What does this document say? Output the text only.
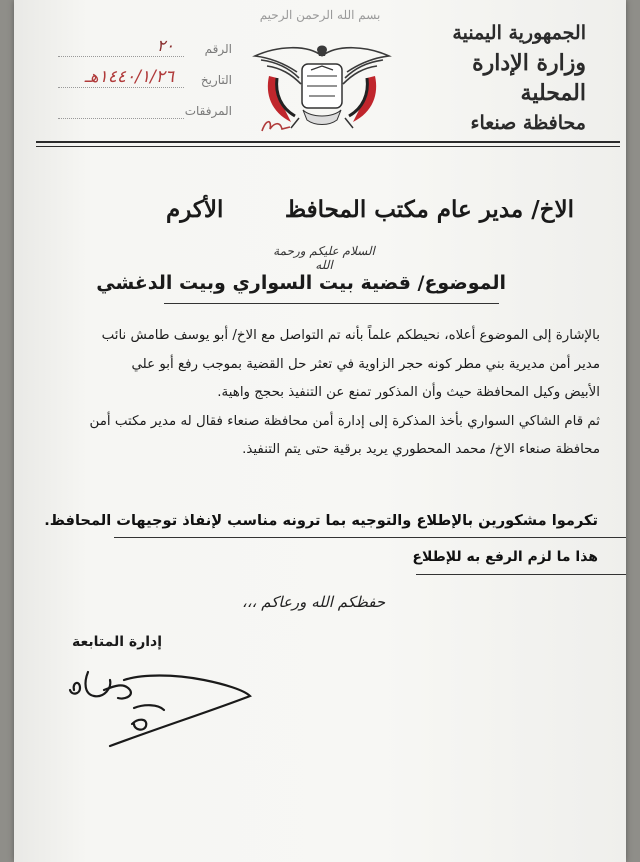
بسم الله الرحمن الرحيم
الجمهورية اليمنية
وزارة الإدارة المحلية
محافظة صنعاء
الرقم
٢٠
التاريخ
١٤٤٠/١/٢٦هـ
المرفقات
الاخ/ مدير عام مكتب المحافظ
الأكرم
السلام عليكم ورحمة الله
الموضوع/ قضية بيت السواري وبيت الدغشي

بالإشارة إلى الموضوع أعلاه، نحيطكم علماً بأنه تم التواصل مع الاخ/ أبو يوسف طامش نائب

مدير أمن مديرية بني مطر كونه حجر الزاوية في تعثر حل القضية بموجب رفع أبو علي

الأبيض وكيل المحافظة حيث وأن المذكور تمنع عن التنفيذ بحجج واهية.

ثم قام الشاكي السواري بأخذ المذكرة إلى إدارة أمن محافظة صنعاء فقال له مدير مكتب أمن

محافظة صنعاء الاخ/ محمد المحطوري يريد برقية حتى يتم التنفيذ.

تكرموا مشكورين بالإطلاع والتوجيه بما ترونه مناسب لإنفاذ توجيهات المحافظ.
هذا ما لزم الرفع به للإطلاع
حفظكم الله ورعاكم ،،،
إدارة المتابعة
